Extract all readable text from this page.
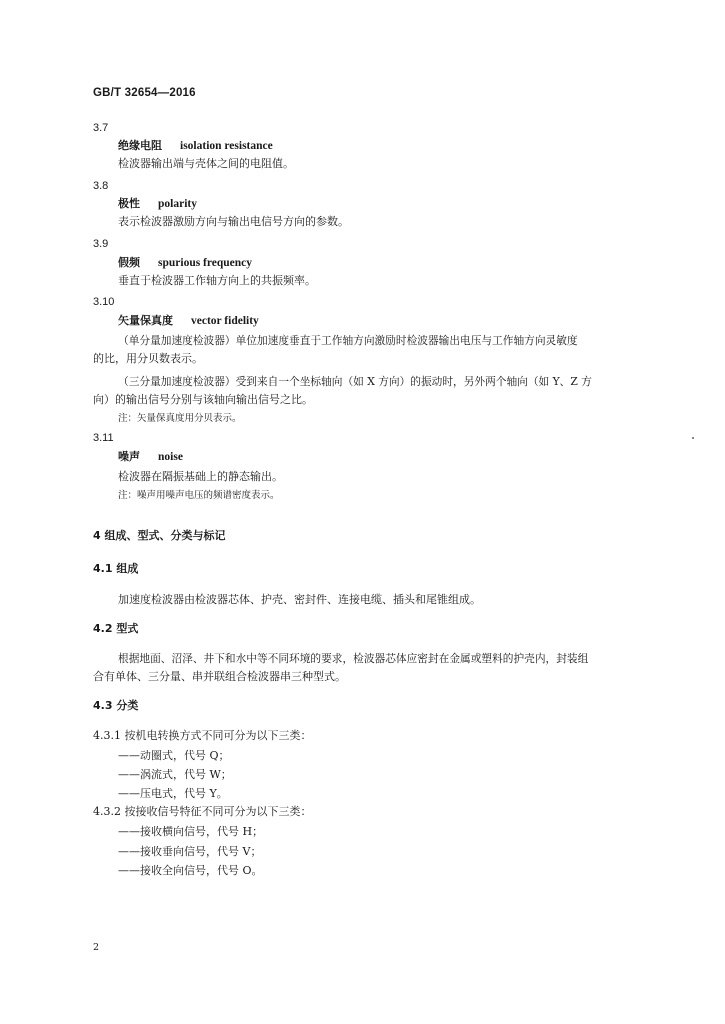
GB/T 32654—2016
3.7
绝缘电阻 isolation resistance
检波器输出端与壳体之间的电阻值。
3.8
极性 polarity
表示检波器激励方向与输出电信号方向的参数。
3.9
假频 spurious frequency
垂直于检波器工作轴方向上的共振频率。
3.10
矢量保真度 vector fidelity
（单分量加速度检波器）单位加速度垂直于工作轴方向激励时检波器输出电压与工作轴方向灵敏度
的比，用分贝数表示。
（三分量加速度检波器）受到来自一个坐标轴向（如 X 方向）的振动时，另外两个轴向（如 Y、Z 方
向）的输出信号分别与该轴向输出信号之比。
注：矢量保真度用分贝表示。
3.11
噪声 noise
检波器在隔振基础上的静态输出。
注：噪声用噪声电压的频谱密度表示。
4 组成、型式、分类与标记
4.1 组成
加速度检波器由检波器芯体、护壳、密封件、连接电缆、插头和尾锥组成。
4.2 型式
根据地面、沼泽、井下和水中等不同环境的要求，检波器芯体应密封在金属或塑料的护壳内，封装组
合有单体、三分量、串并联组合检波器串三种型式。
4.3 分类
4.3.1 按机电转换方式不同可分为以下三类：
——动圈式，代号 Q；
——涡流式，代号 W；
——压电式，代号 Y。
4.3.2 按接收信号特征不同可分为以下三类：
——接收横向信号，代号 H；
——接收垂向信号，代号 V；
——接收全向信号，代号 O。
2
